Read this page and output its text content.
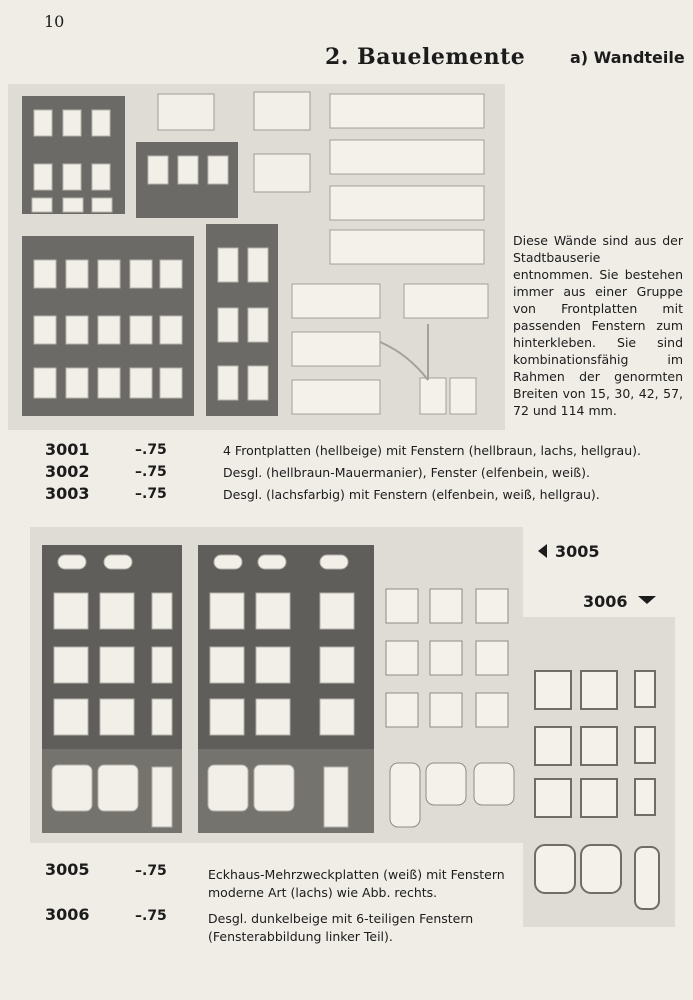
10
2. Bauelemente	a) Wandteile
Diese Wände sind aus der Stadtbauserie entnommen. Sie bestehen immer aus einer Gruppe von Frontplatten mit passenden Fenstern zum hinterkleben. Sie sind kombinationsfähig im Rahmen der genormten Breiten von 15, 30, 42, 57, 72 und 114 mm.
3001	–.75	4 Frontplatten (hellbeige) mit Fenstern (hellbraun, lachs, hellgrau).
3002	–.75	Desgl. (hellbraun-Mauermanier), Fenster (elfenbein, weiß).
3003	–.75	Desgl. (lachsfarbig) mit Fenstern (elfenbein, weiß, hellgrau).
3005
3006
3005	–.75	Eckhaus-Mehrzweckplatten (weiß) mit Fenstern moderne Art (lachs) wie Abb. rechts.
3006	–.75	Desgl. dunkelbeige mit 6-teiligen Fenstern (Fensterabbildung linker Teil).
